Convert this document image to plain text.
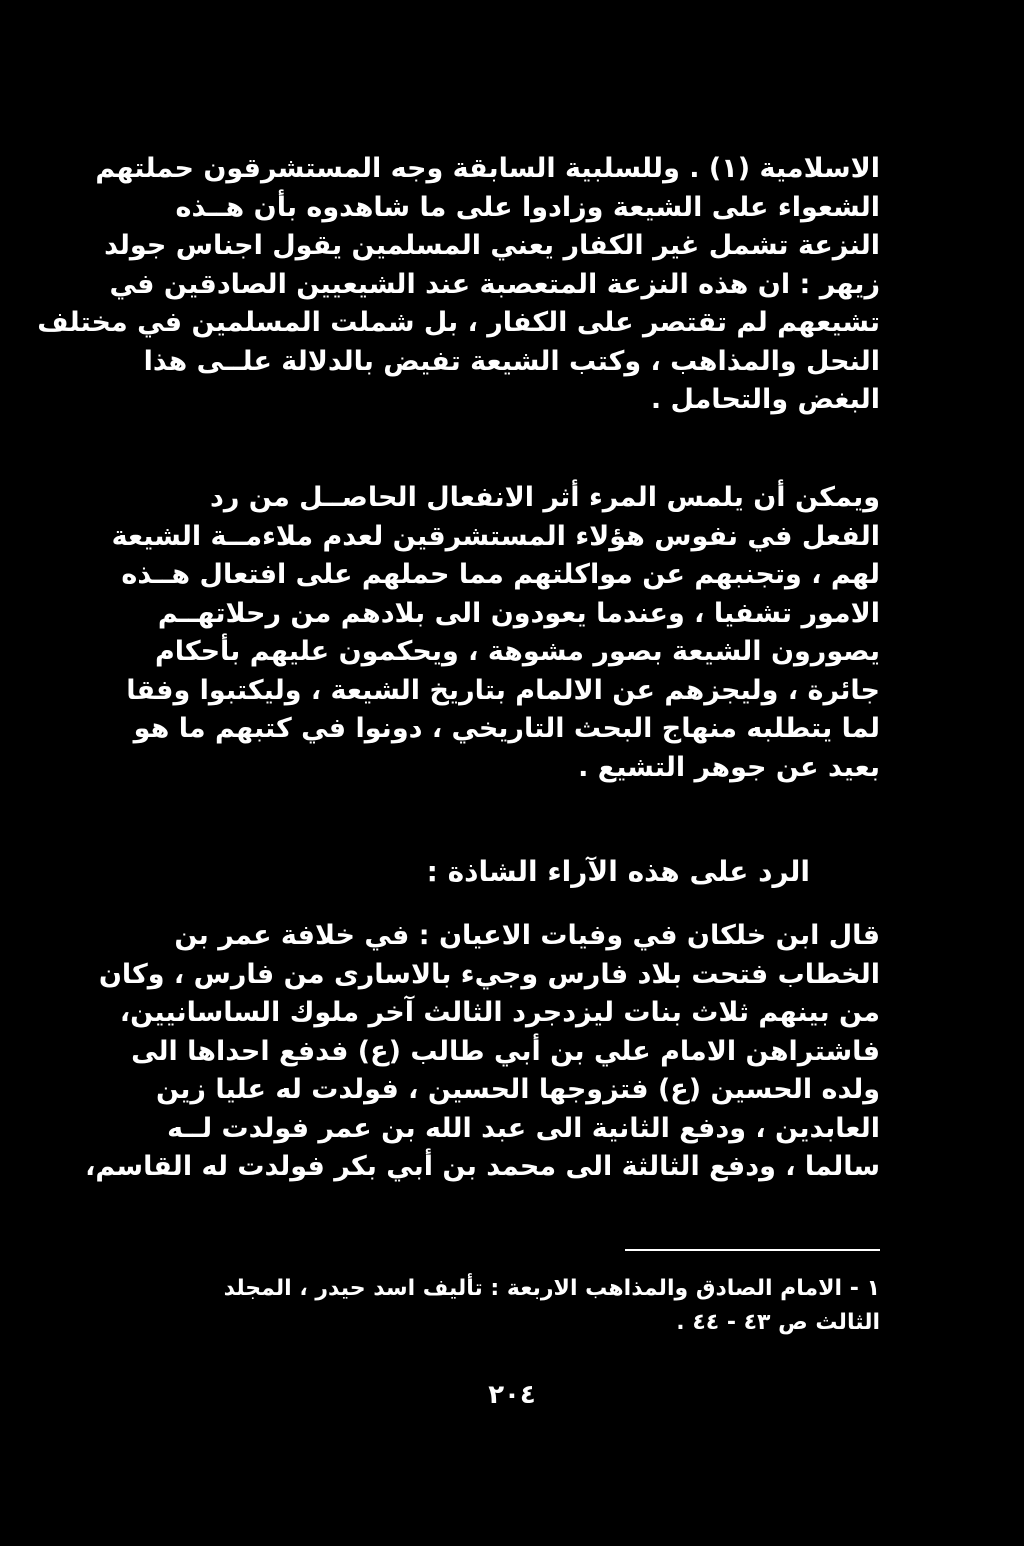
الاسلامية (١) . وللسلبية السابقة وجه المستشرقون حملتهم
الشعواء على الشيعة وزادوا على ما شاهدوه بأن هــذه
النزعة تشمل غير الكفار يعني المسلمين يقول اجناس جولد
زيهر : ان هذه النزعة المتعصبة عند الشيعيين الصادقين في
تشيعهم لم تقتصر على الكفار ، بل شملت المسلمين في مختلف
النحل والمذاهب ، وكتب الشيعة تفيض بالدلالة علــى هذا
البغض والتحامل .
ويمكن أن يلمس المرء أثر الانفعال الحاصــل من رد
الفعل في نفوس هؤلاء المستشرقين لعدم ملاءمــة الشيعة
لهم ، وتجنبهم عن مواكلتهم مما حملهم على افتعال هــذه
الامور تشفيا ، وعندما يعودون الى بلادهم من رحلاتهــم
يصورون الشيعة بصور مشوهة ، ويحكمون عليهم بأحكام
جائرة ، وليجزهم عن الالمام بتاريخ الشيعة ، وليكتبوا وفقا
لما يتطلبه منهاج البحث التاريخي ، دونوا في كتبهم ما هو
بعيد عن جوهر التشيع .
الرد على هذه الآراء الشاذة :
قال ابن خلكان في وفيات الاعيان : في خلافة عمر بن
الخطاب فتحت بلاد فارس وجيء بالاسارى من فارس ، وكان
من بينهم ثلاث بنات ليزدجرد الثالث آخر ملوك الساسانيين،
فاشتراهن الامام علي بن أبي طالب (ع) فدفع احداها الى
ولده الحسين (ع) فتزوجها الحسين ، فولدت له عليا زين
العابدين ، ودفع الثانية الى عبد الله بن عمر فولدت لــه
سالما ، ودفع الثالثة الى محمد بن أبي بكر فولدت له القاسم،
١ - الامام الصادق والمذاهب الاربعة : تأليف اسد حيدر ، المجلد
الثالث ص ٤٣ - ٤٤ .
٢٠٤
